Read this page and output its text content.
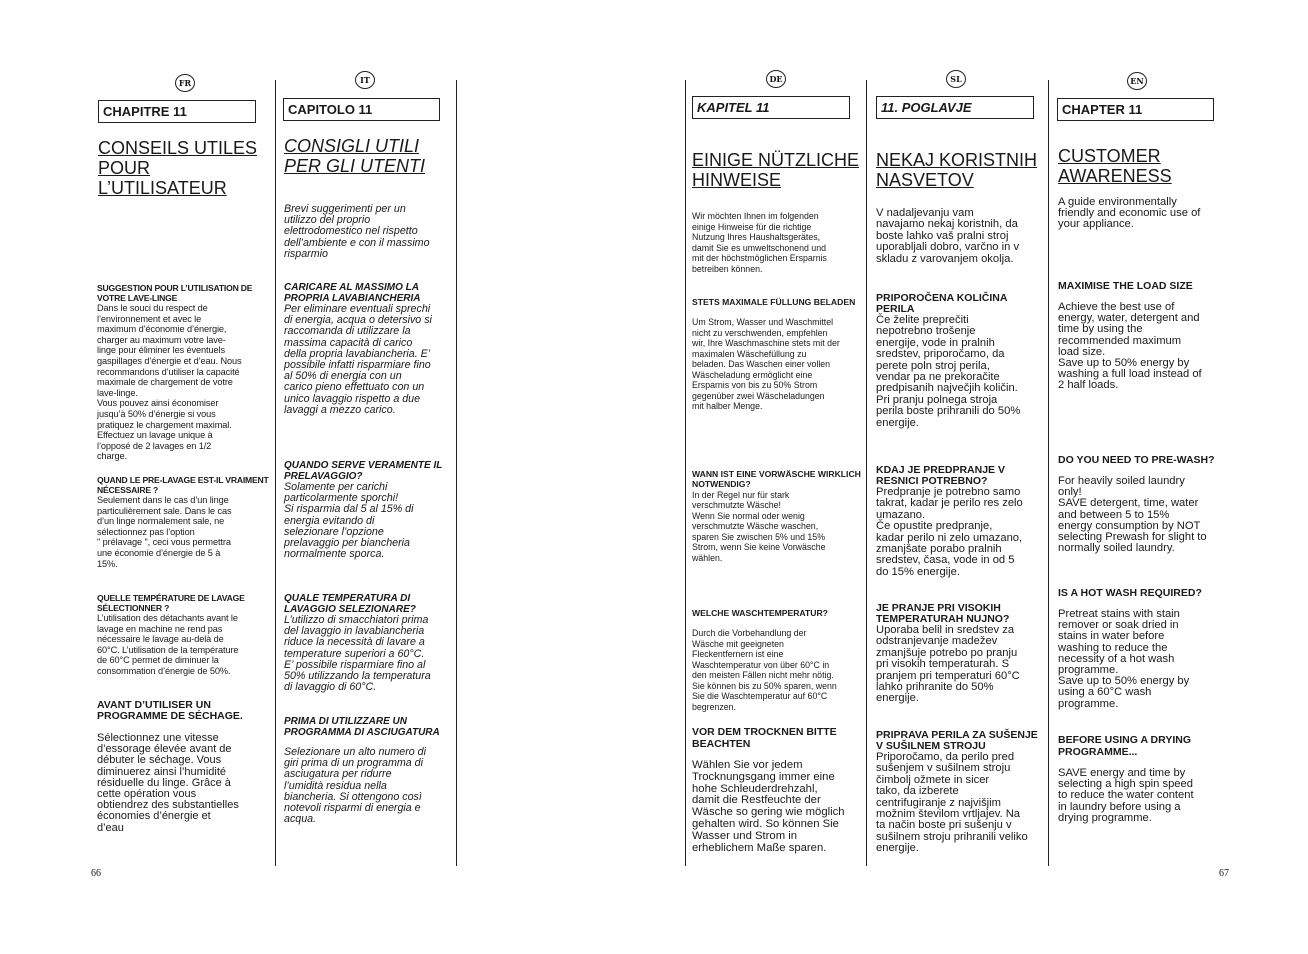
66	67
FR
CHAPITRE 11
CONSEILS UTILES
POUR L’UTILISATEUR
SUGGESTION POUR L’UTILISATION DE VOTRE LAVE-LINGE
Dans le souci du respect de
l’environnement et avec le
maximum d’économie d’énergie,
charger au maximum votre lave-
linge pour éliminer les éventuels
gaspillages d’énergie et d’eau. Nous
recommandons d’utiliser la capacité
maximale de chargement de votre
lave-linge.
Vous pouvez ainsi économiser
jusqu’à 50% d’énergie si vous
pratiquez le chargement maximal.
Effectuez un lavage unique à
l’opposé de 2 lavages en 1/2
charge.
QUAND LE PRE-LAVAGE EST-IL VRAIMENT NÉCESSAIRE ?
Seulement dans le cas d’un linge
particulièrement sale. Dans le cas
d’un linge normalement sale, ne
sélectionnez pas l’option
" prélavage ", ceci vous permettra
une économie d’énergie de 5 à
15%.
QUELLE TEMPÉRATURE DE LAVAGE SÉLECTIONNER ?
L’utilisation des détachants avant le
lavage en machine ne rend pas
nécessaire le lavage au-delà de
60°C. L’utilisation de la température
de 60°C permet de diminuer la
consommation d’énergie de 50%.
AVANT D’UTILISER UN PROGRAMME DE SÉCHAGE.
Sélectionnez une vitesse
d’essorage élevée avant de
débuter le séchage. Vous
diminuerez ainsi l’humidité
résiduelle du linge. Grâce à
cette opération vous
obtiendrez des substantielles
économies d’énergie et
d’eau
IT
CAPITOLO 11
CONSIGLI UTILI
PER GLI UTENTI
Brevi suggerimenti per un
utilizzo del proprio
elettrodomestico nel rispetto
dell’ambiente e con il massimo
risparmio
CARICARE AL MASSIMO LA PROPRIA LAVABIANCHERIA
Per eliminare eventuali sprechi
di energia, acqua o detersivo si
raccomanda di utilizzare la
massima capacità di carico
della propria lavabiancheria. E’
possibile infatti risparmiare fino
al 50% di energia con un
carico pieno effettuato con un
unico lavaggio rispetto a due
lavaggi a mezzo carico.
QUANDO SERVE VERAMENTE IL PRELAVAGGIO?
Solamente per carichi
particolarmente sporchi!
Si risparmia dal 5 al 15% di
energia evitando di
selezionare l’opzione
prelavaggio per biancheria
normalmente sporca.
QUALE TEMPERATURA DI LAVAGGIO SELEZIONARE?
L’utilizzo di smacchiatori prima
del lavaggio in lavabiancheria
riduce la necessità di lavare a
temperature superiori a 60°C.
E’ possibile risparmiare fino al
50% utilizzando la temperatura
di lavaggio di 60°C.
PRIMA DI UTILIZZARE UN PROGRAMMA DI ASCIUGATURA
Selezionare un alto numero di
giri prima di un programma di
asciugatura per ridurre
l’umidità residua nella
biancheria. Si ottengono così
notevoli risparmi di energia e
acqua.
DE
KAPITEL 11
EINIGE NÜTZLICHE
HINWEISE
Wir möchten Ihnen im folgenden
einige Hinweise für die richtige
Nutzung Ihres Haushaltsgerätes,
damit Sie es umweltschonend und
mit der höchstmöglichen Ersparnis
betreiben können.
STETS MAXIMALE FÜLLUNG BELADEN
Um Strom, Wasser und Waschmittel
nicht zu verschwenden, empfehlen
wir, Ihre Waschmaschine stets mit der
maximalen Wäschefüllung zu
beladen. Das Waschen einer vollen
Wäscheladung ermöglicht eine
Ersparnis von bis zu 50% Strom
gegenüber zwei Wäscheladungen
mit halber Menge.
WANN IST EINE VORWÄSCHE WIRKLICH NOTWENDIG?
In der Regel nur für stark
verschmutzte Wäsche!
Wenn Sie normal oder wenig
verschmutzte Wäsche waschen,
sparen Sie zwischen 5% und 15%
Strom, wenn Sie keine Vorwäsche
wählen.
WELCHE WASCHTEMPERATUR?
Durch die Vorbehandlung der
Wäsche mit geeigneten
Fleckentfernern ist eine
Waschtemperatur von über 60°C in
den meisten Fällen nicht mehr nötig.
Sie können bis zu 50% sparen, wenn
Sie die Waschtemperatur auf 60°C
begrenzen.
VOR DEM TROCKNEN BITTE BEACHTEN
Wählen Sie vor jedem
Trocknungsgang immer eine
hohe Schleuderdrehzahl,
damit die Restfeuchte der
Wäsche so gering wie möglich
gehalten wird. So können Sie
Wasser und Strom in
erheblichem Maße sparen.
SL
11. POGLAVJE
NEKAJ KORISTNIH
NASVETOV
V nadaljevanju vam
navajamo nekaj koristnih, da
boste lahko vaš pralni stroj
uporabljali dobro, varčno in v
skladu z varovanjem okolja.
PRIPOROČENA KOLIČINA PERILA
Če želite preprečiti
nepotrebno trošenje
energije, vode in pralnih
sredstev, priporočamo, da
perete poln stroj perila,
vendar pa ne prekoračite
predpisanih največjih količin.
Pri pranju polnega stroja
perila boste prihranili do 50%
energije.
KDAJ JE PREDPRANJE V RESNICI POTREBNO?
Predpranje je potrebno samo
takrat, kadar je perilo res zelo
umazano.
Če opustite predpranje,
kadar perilo ni zelo umazano,
zmanjšate porabo pralnih
sredstev, časa, vode in od 5
do 15% energije.
JE PRANJE PRI VISOKIH TEMPERATURAH NUJNO?
Uporaba belil in sredstev za
odstranjevanje madežev
zmanjšuje potrebo po pranju
pri visokih temperaturah. S
pranjem pri temperaturi 60°C
lahko prihranite do 50%
energije.
PRIPRAVA PERILA ZA SUŠENJE V SUŠILNEM STROJU
Priporočamo, da perilo pred
sušenjem v sušilnem stroju
čimbolj ožmete in sicer
tako, da izberete
centrifugiranje z najvišjim
možnim številom vrtljajev. Na
ta način boste pri sušenju v
sušilnem stroju prihranili veliko
energije.
EN
CHAPTER 11
CUSTOMER
AWARENESS
A guide environmentally
friendly and economic use of
your appliance.
MAXIMISE THE LOAD SIZE
Achieve the best use of
energy, water, detergent and
time by using the
recommended maximum
load size.
Save up to 50% energy by
washing a full load instead of
2 half loads.
DO YOU NEED TO PRE-WASH?
For heavily soiled laundry
only!
SAVE detergent, time, water
and between 5 to 15%
energy consumption by NOT
selecting Prewash for slight to
normally soiled laundry.
IS A HOT WASH REQUIRED?
Pretreat stains with stain
remover or soak dried in
stains in water before
washing to reduce the
necessity of a hot wash
programme.
Save up to 50% energy by
using a 60°C wash
programme.
BEFORE USING A DRYING PROGRAMME...
SAVE energy and time by
selecting a high spin speed
to reduce the water content
in laundry before using a
drying programme.
